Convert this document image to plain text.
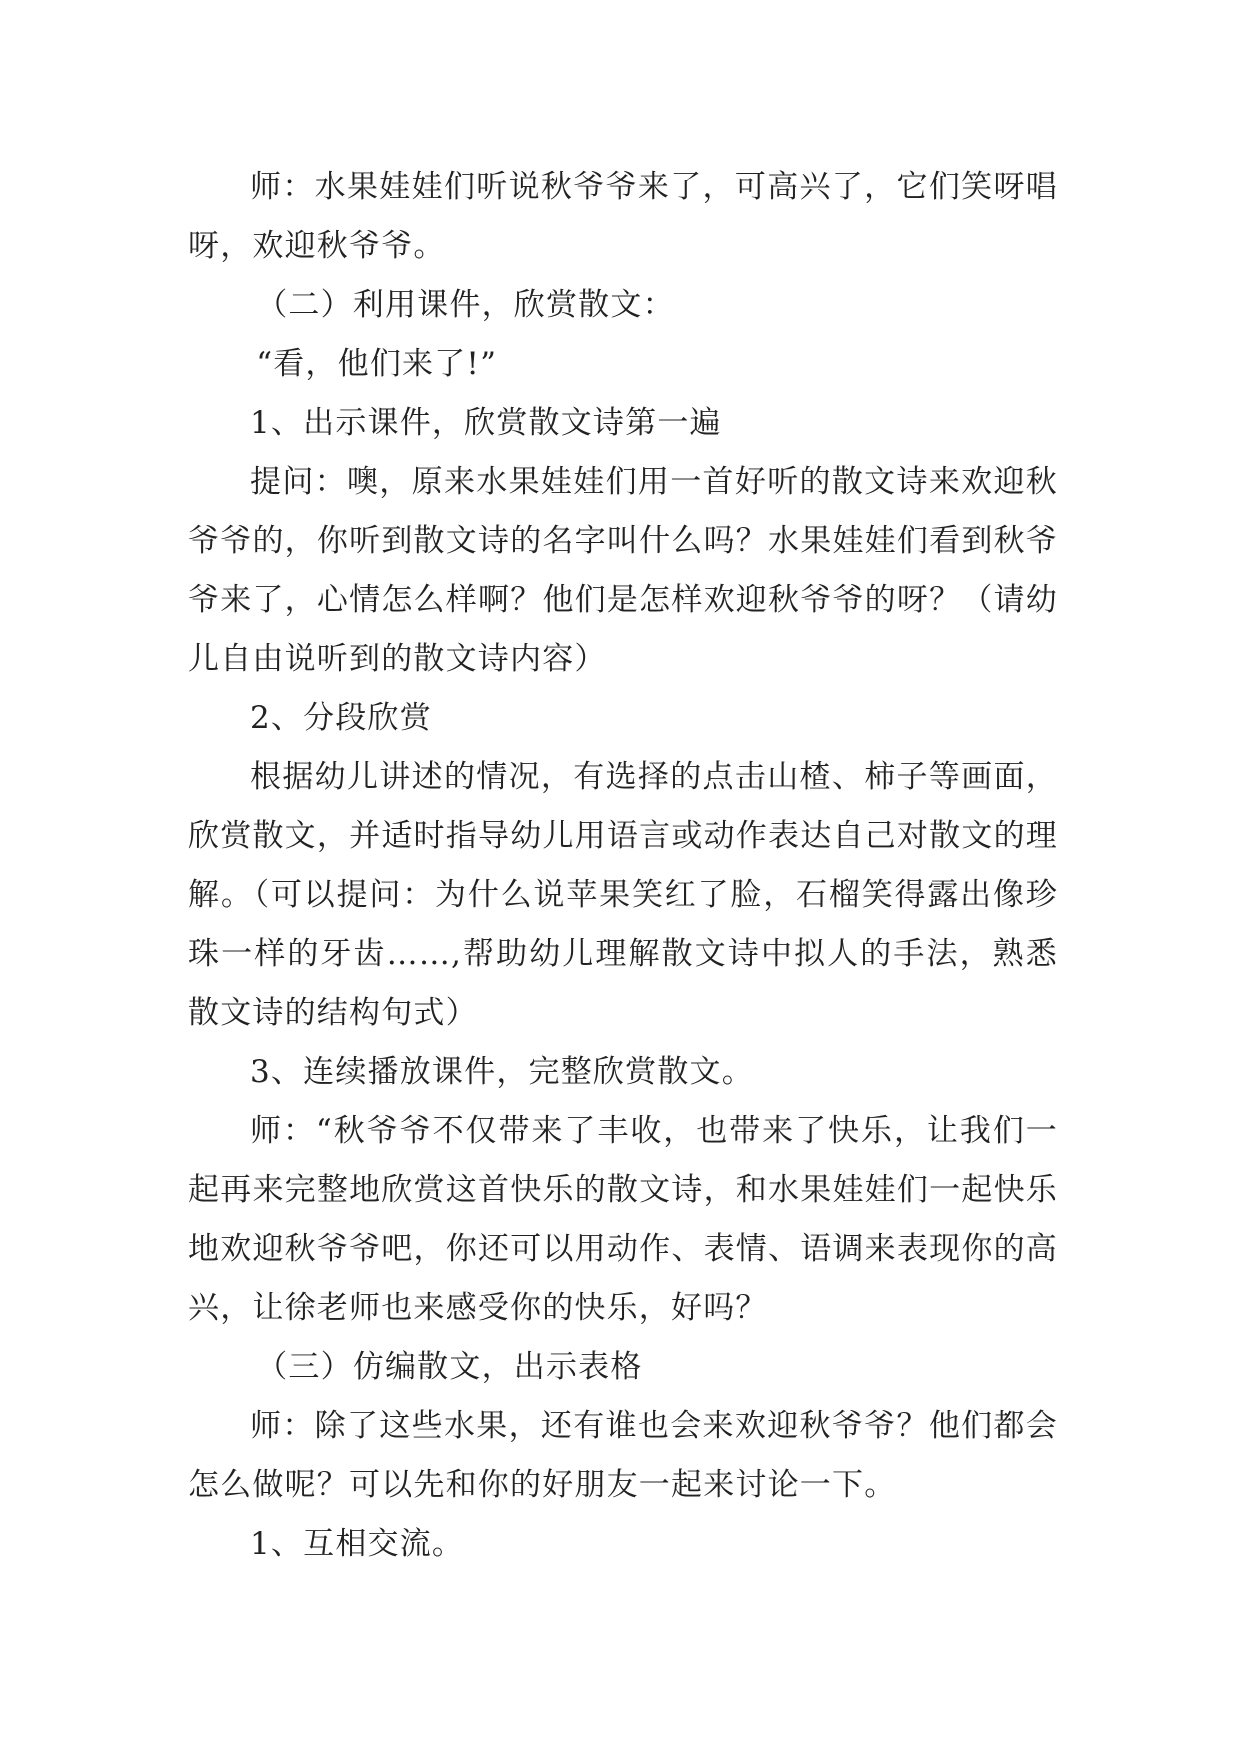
师：水果娃娃们听说秋爷爷来了，可高兴了，它们笑呀唱呀，欢迎秋爷爷。

（二）利用课件，欣赏散文：

“看，他们来了!”

1、出示课件，欣赏散文诗第一遍

提问：噢，原来水果娃娃们用一首好听的散文诗来欢迎秋爷爷的，你听到散文诗的名字叫什么吗？水果娃娃们看到秋爷爷来了，心情怎么样啊？他们是怎样欢迎秋爷爷的呀？（请幼儿自由说听到的散文诗内容）

2、分段欣赏

根据幼儿讲述的情况，有选择的点击山楂、柿子等画面，欣赏散文，并适时指导幼儿用语言或动作表达自己对散文的理解。（可以提问：为什么说苹果笑红了脸，石榴笑得露出像珍珠一样的牙齿……,帮助幼儿理解散文诗中拟人的手法，熟悉散文诗的结构句式）

3、连续播放课件，完整欣赏散文。

师：“秋爷爷不仅带来了丰收，也带来了快乐，让我们一起再来完整地欣赏这首快乐的散文诗，和水果娃娃们一起快乐地欢迎秋爷爷吧，你还可以用动作、表情、语调来表现你的高兴，让徐老师也来感受你的快乐，好吗？

（三）仿编散文，出示表格

师：除了这些水果，还有谁也会来欢迎秋爷爷？他们都会怎么做呢？可以先和你的好朋友一起来讨论一下。

1、互相交流。
